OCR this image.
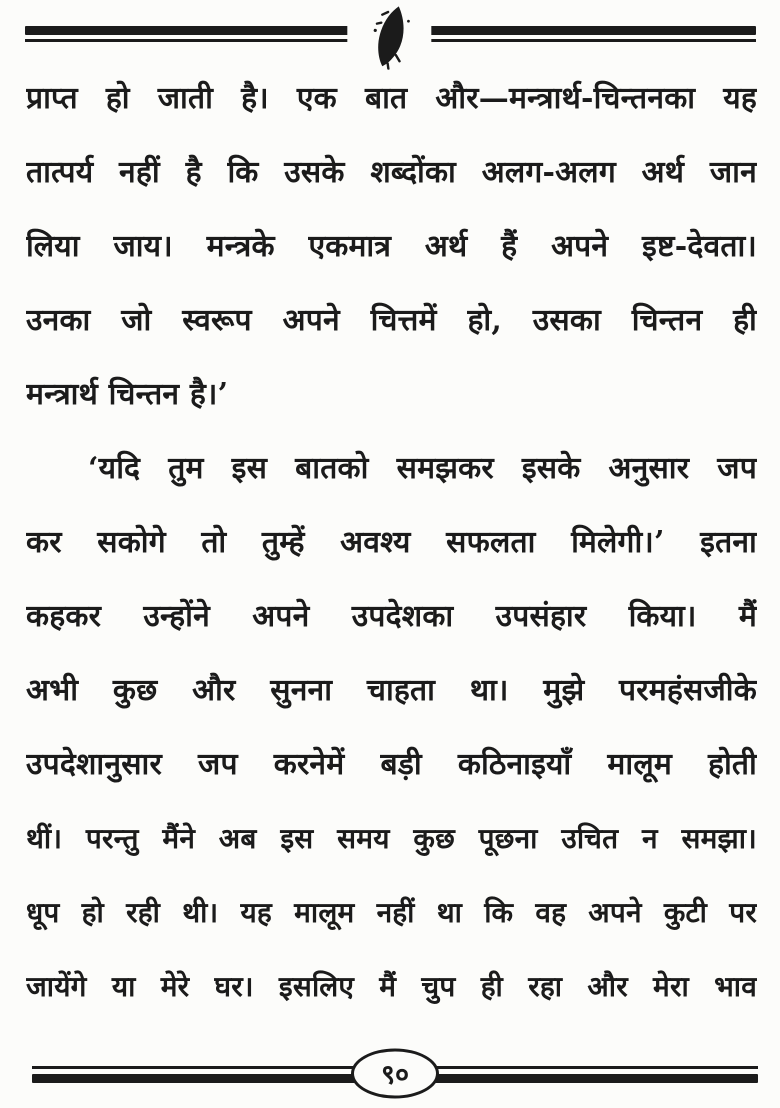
प्राप्त हो जाती है। एक बात और—मन्त्रार्थ-चिन्तनका यह
तात्पर्य नहीं है कि उसके शब्दोंका अलग-अलग अर्थ जान
लिया जाय। मन्त्रके एकमात्र अर्थ हैं अपने इष्ट-देवता।
उनका जो स्वरूप अपने चित्तमें हो, उसका चिन्तन ही
मन्त्रार्थ चिन्तन है।’
‘यदि तुम इस बातको समझकर इसके अनुसार जप
कर सकोगे तो तुम्हें अवश्य सफलता मिलेगी।’ इतना
कहकर उन्होंने अपने उपदेशका उपसंहार किया। मैं
अभी कुछ और सुनना चाहता था। मुझे परमहंसजीके
उपदेशानुसार जप करनेमें बड़ी कठिनाइयाँ मालूम होती
थीं। परन्तु मैंने अब इस समय कुछ पूछना उचित न समझा।
धूप हो रही थी। यह मालूम नहीं था कि वह अपने कुटी पर
जायेंगे या मेरे घर। इसलिए मैं चुप ही रहा और मेरा भाव
९०
